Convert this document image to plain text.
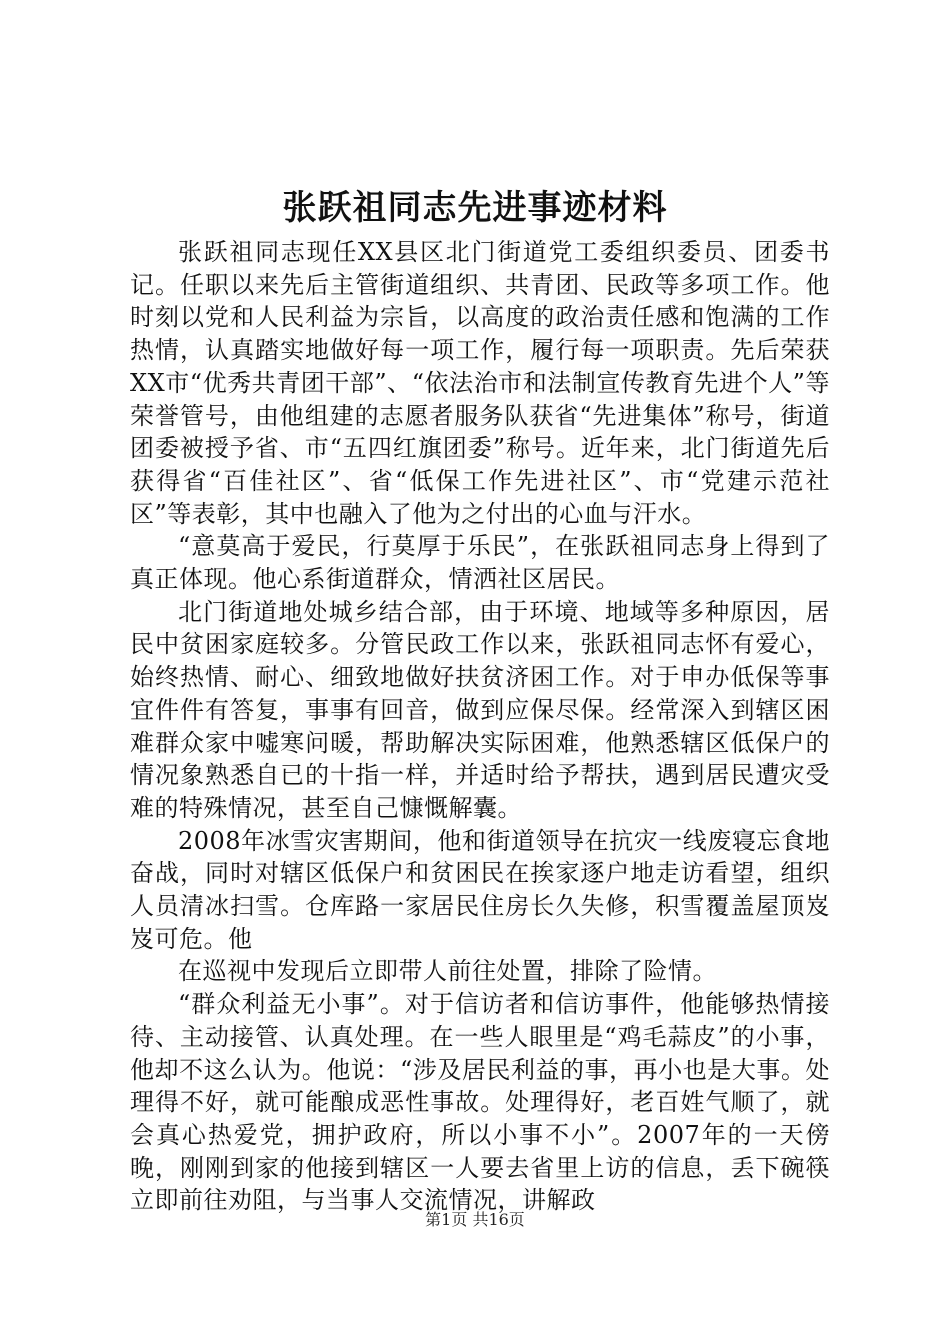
张跃祖同志先进事迹材料

张跃祖同志现任XX县区北门街道党工委组织委员、团委书记。任职以来先后主管街道组织、共青团、民政等多项工作。他时刻以党和人民利益为宗旨，以高度的政治责任感和饱满的工作热情，认真踏实地做好每一项工作，履行每一项职责。先后荣获XX市“优秀共青团干部”、“依法治市和法制宣传教育先进个人”等荣誉管号，由他组建的志愿者服务队获省“先进集体”称号，街道团委被授予省、市“五四红旗团委”称号。近年来，北门街道先后获得省“百佳社区”、省“低保工作先进社区”、市“党建示范社区”等表彰，其中也融入了他为之付出的心血与汗水。

“意莫高于爱民，行莫厚于乐民”，在张跃祖同志身上得到了真正体现。他心系街道群众，情洒社区居民。

北门街道地处城乡结合部，由于环境、地域等多种原因，居民中贫困家庭较多。分管民政工作以来，张跃祖同志怀有爱心，始终热情、耐心、细致地做好扶贫济困工作。对于申办低保等事宜件件有答复，事事有回音，做到应保尽保。经常深入到辖区困难群众家中嘘寒问暖，帮助解决实际困难，他熟悉辖区低保户的情况象熟悉自已的十指一样，并适时给予帮扶，遇到居民遭灾受难的特殊情况，甚至自己慷慨解囊。

2008年冰雪灾害期间，他和街道领导在抗灾一线废寝忘食地奋战，同时对辖区低保户和贫困民在挨家逐户地走访看望，组织人员清冰扫雪。仓库路一家居民住房长久失修，积雪覆盖屋顶岌岌可危。他

在巡视中发现后立即带人前往处置，排除了险情。

“群众利益无小事”。对于信访者和信访事件，他能够热情接待、主动接管、认真处理。在一些人眼里是“鸡毛蒜皮”的小事，他却不这么认为。他说：“涉及居民利益的事，再小也是大事。处理得不好，就可能酿成恶性事故。处理得好，老百姓气顺了，就会真心热爱党，拥护政府，所以小事不小”。2007年的一天傍晚，刚刚到家的他接到辖区一人要去省里上访的信息，丢下碗筷立即前往劝阻，与当事人交流情况，讲解政

第1页 共16页
